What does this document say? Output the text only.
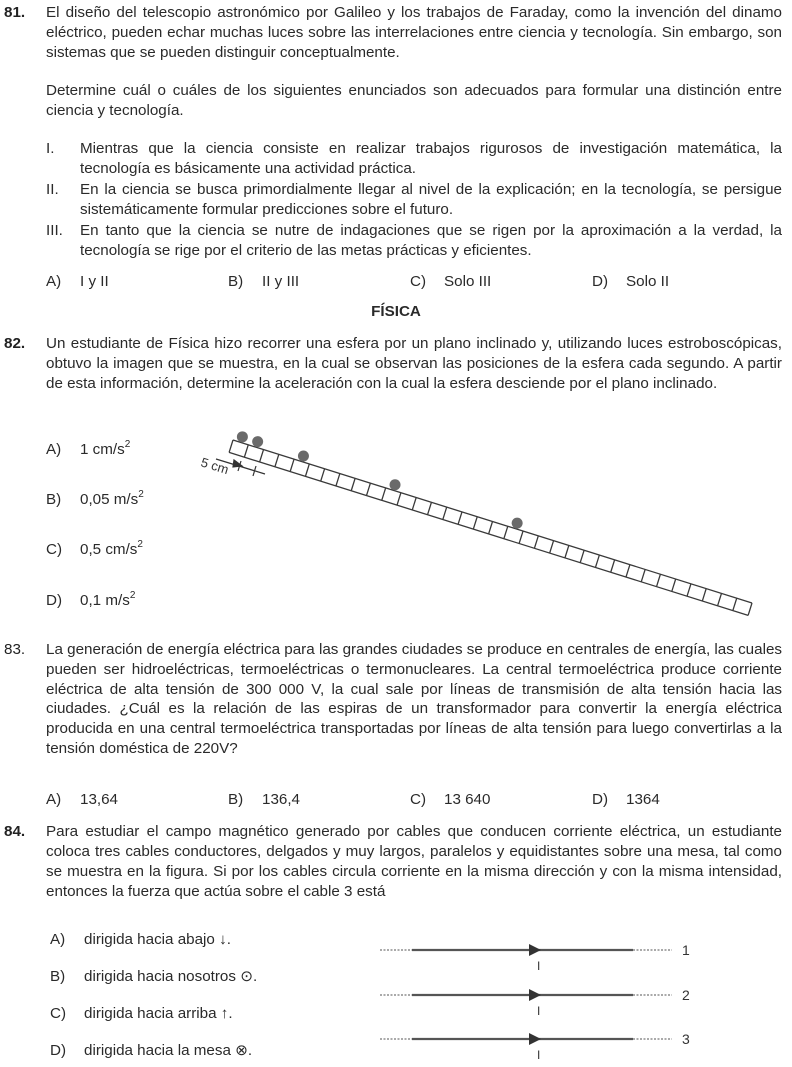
81. El diseño del telescopio astronómico por Galileo y los trabajos de Faraday, como la invención del dinamo eléctrico, pueden echar muchas luces sobre las interrelaciones entre ciencia y tecnología. Sin embargo, son sistemas que se pueden distinguir conceptualmente.
Determine cuál o cuáles de los siguientes enunciados son adecuados para formular una distinción entre ciencia y tecnología.
I. Mientras que la ciencia consiste en realizar trabajos rigurosos de investigación matemática, la tecnología es básicamente una actividad práctica.
II. En la ciencia se busca primordialmente llegar al nivel de la explicación; en la tecnología, se persigue sistemáticamente formular predicciones sobre el futuro.
III. En tanto que la ciencia se nutre de indagaciones que se rigen por la aproximación a la verdad, la tecnología se rige por el criterio de las metas prácticas y eficientes.
A) I y II	B) II y III	C) Solo III	D) Solo II
FÍSICA
82. Un estudiante de Física hizo recorrer una esfera por un plano inclinado y, utilizando luces estroboscópicas, obtuvo la imagen que se muestra, en la cual se observan las posiciones de la esfera cada segundo. A partir de esta información, determine la aceleración con la cual la esfera desciende por el plano inclinado.
A) 1 $cm/s^2$
B) 0,05 $m/s^2$
C) 0,5 $cm/s^2$
D) 0,1 $m/s^2$
5 cm
83. La generación de energía eléctrica para las grandes ciudades se produce en centrales de energía, las cuales pueden ser hidroeléctricas, termoeléctricas o termonucleares. La central termoeléctrica produce corriente eléctrica de alta tensión de 300 000 V, la cual sale por líneas de transmisión de alta tensión hacia las ciudades. ¿Cuál es la relación de las espiras de un transformador para convertir la energía eléctrica producida en una central termoeléctrica transportadas por líneas de alta tensión para luego convertirlas a la tensión doméstica de 220V?
A) 13,64	B) 136,4	C) 13 640	D) 1364
84. Para estudiar el campo magnético generado por cables que conducen corriente eléctrica, un estudiante coloca tres cables conductores, delgados y muy largos, paralelos y equidistantes sobre una mesa, tal como se muestra en la figura. Si por los cables circula corriente en la misma dirección y con la misma intensidad, entonces la fuerza que actúa sobre el cable 3 está
A) dirigida hacia abajo ↓.
B) dirigida hacia nosotros ⊙.
C) dirigida hacia arriba ↑.
D) dirigida hacia la mesa ⊗.
I
1
I
2
I
3
